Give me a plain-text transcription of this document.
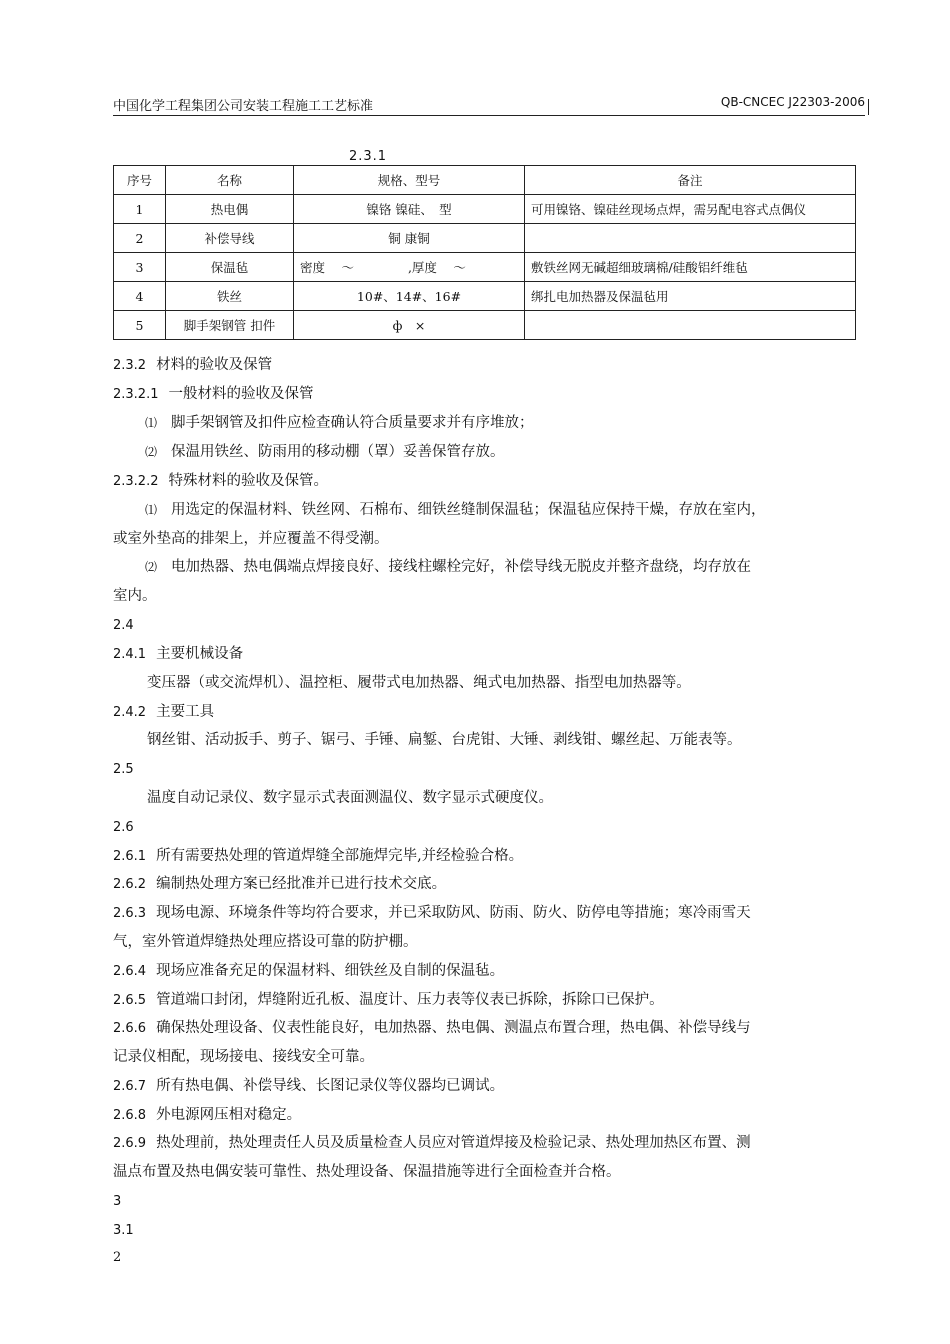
中国化学工程集团公司安装工程施工工艺标准	QB-CNCEC J22303-2006
2.3.1 　　　　　　　　　　　
序号	名称	规格、型号	备注
1	热电偶	镍铬 镍硅、　型	可用镍铬、镍硅丝现场点焊，需另配电容式点偶仪
2	补偿导线	铜 康铜	
3	保温毡	密度　 ～　　　　 ,厚度　 ～	敷铁丝网无碱超细玻璃棉/硅酸铝纤维毡
4	铁丝	10#、14#、16#	绑扎电加热器及保温毡用
5	脚手架钢管 扣件	ф　×	
2.3.2 材料的验收及保管
2.3.2.1 一般材料的验收及保管
⑴ 脚手架钢管及扣件应检查确认符合质量要求并有序堆放；
⑵ 保温用铁丝、防雨用的移动棚（罩）妥善保管存放。
2.3.2.2 特殊材料的验收及保管。
⑴ 用选定的保温材料、铁丝网、石棉布、细铁丝缝制保温毡；保温毡应保持干燥，存放在室内，
或室外垫高的排架上，并应覆盖不得受潮。
⑵ 电加热器、热电偶端点焊接良好、接线柱螺栓完好，补偿导线无脱皮并整齐盘绕，均存放在
室内。
2.4 　　　　　
2.4.1 主要机械设备
变压器（或交流焊机）、温控柜、履带式电加热器、绳式电加热器、指型电加热器等。
2.4.2 主要工具
钢丝钳、活动扳手、剪子、锯弓、手锤、扁錾、台虎钳、大锤、剥线钳、螺丝起、万能表等。
2.5 　　　
温度自动记录仪、数字显示式表面测温仪、数字显示式硬度仪。
2.6 　　　
2.6.1 所有需要热处理的管道焊缝全部施焊完毕,并经检验合格。
2.6.2 编制热处理方案已经批准并已进行技术交底。
2.6.3 现场电源、环境条件等均符合要求，并已采取防风、防雨、防火、防停电等措施；寒冷雨雪天
气，室外管道焊缝热处理应搭设可靠的防护棚。
2.6.4 现场应准备充足的保温材料、细铁丝及自制的保温毡。
2.6.5 管道端口封闭，焊缝附近孔板、温度计、压力表等仪表已拆除，拆除口已保护。
2.6.6 确保热处理设备、仪表性能良好，电加热器、热电偶、测温点布置合理，热电偶、补偿导线与
记录仪相配，现场接电、接线安全可靠。
2.6.7 所有热电偶、补偿导线、长图记录仪等仪器均已调试。
2.6.8 外电源网压相对稳定。
2.6.9 热处理前，热处理责任人员及质量检查人员应对管道焊接及检验记录、热处理加热区布置、测
温点布置及热电偶安装可靠性、热处理设备、保温措施等进行全面检查并合格。
3 　　　
3.1 　　　
2
